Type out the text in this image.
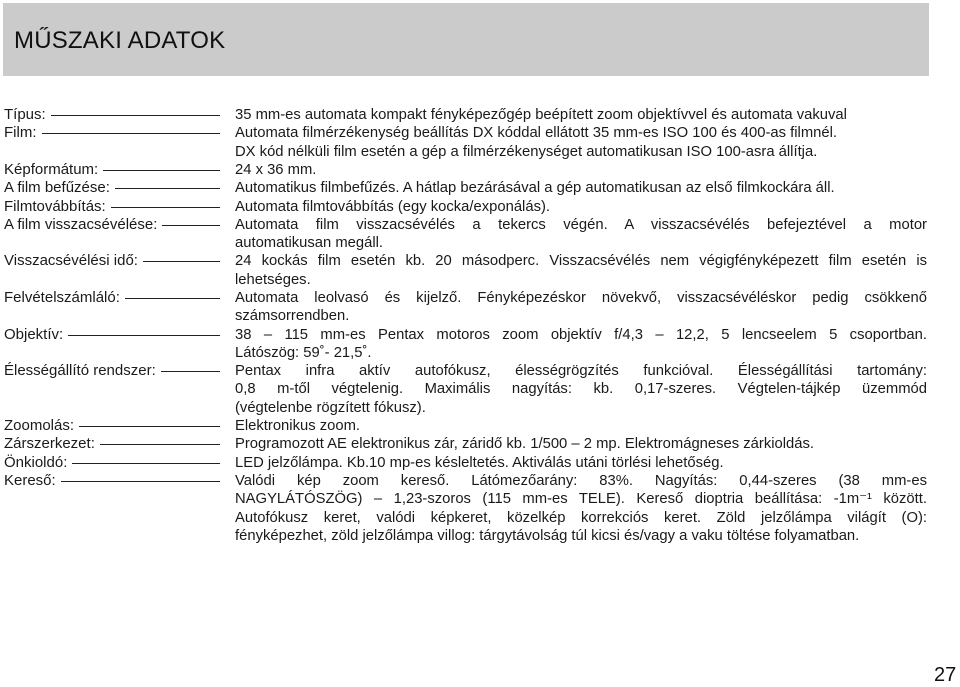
MŰSZAKI ADATOK
Típus:	35 mm-es automata kompakt fényképezőgép beépített zoom objektívvel és automata vakuval
Film:	Automata filmérzékenység beállítás DX kóddal ellátott 35 mm-es ISO 100 és 400-as filmnél.
DX kód nélküli film esetén a gép a filmérzékenységet automatikusan ISO 100-asra állítja.
Képformátum:	24 x 36 mm.
A film befűzése:	Automatikus filmbefűzés. A hátlap bezárásával a gép automatikusan az első filmkockára áll.
Filmtovábbítás:	Automata filmtovábbítás (egy kocka/exponálás).
A film visszacsévélése:	Automata film visszacsévélés a tekercs végén. A visszacsévélés befejeztével a motor
automatikusan megáll.
Visszacsévélési idő:	24 kockás film esetén kb. 20 másodperc. Visszacsévélés nem végigfényképezett film esetén is
lehetséges.
Felvételszámláló:	Automata leolvasó és kijelző. Fényképezéskor növekvő, visszacsévéléskor pedig csökkenő
számsorrendben.
Objektív:	38 – 115 mm-es Pentax motoros zoom objektív f/4,3 – 12,2, 5 lencseelem 5 csoportban.
Látószög: 59˚- 21,5˚.
Élességállító rendszer:	Pentax infra aktív autofókusz, élességrögzítés funkcióval. Élességállítási tartomány:
0,8 m-től végtelenig. Maximális nagyítás: kb. 0,17-szeres. Végtelen-tájkép üzemmód
(végtelenbe rögzített fókusz).
Zoomolás:	Elektronikus zoom.
Zárszerkezet:	Programozott AE elektronikus zár, záridő kb. 1/500 – 2 mp. Elektromágneses zárkioldás.
Önkioldó:	LED jelzőlámpa. Kb.10 mp-es késleltetés. Aktiválás utáni törlési lehetőség.
Kereső:	Valódi kép zoom kereső. Látómezőarány: 83%. Nagyítás: 0,44-szeres (38 mm-es
NAGYLÁTÓSZÖG) – 1,23-szoros (115 mm-es TELE). Kereső dioptria beállítása: -1m⁻¹ között.
Autofókusz keret, valódi képkeret, közelkép korrekciós keret. Zöld jelzőlámpa világít (O):
fényképezhet, zöld jelzőlámpa villog: tárgytávolság túl kicsi és/vagy a vaku töltése folyamatban.
27
